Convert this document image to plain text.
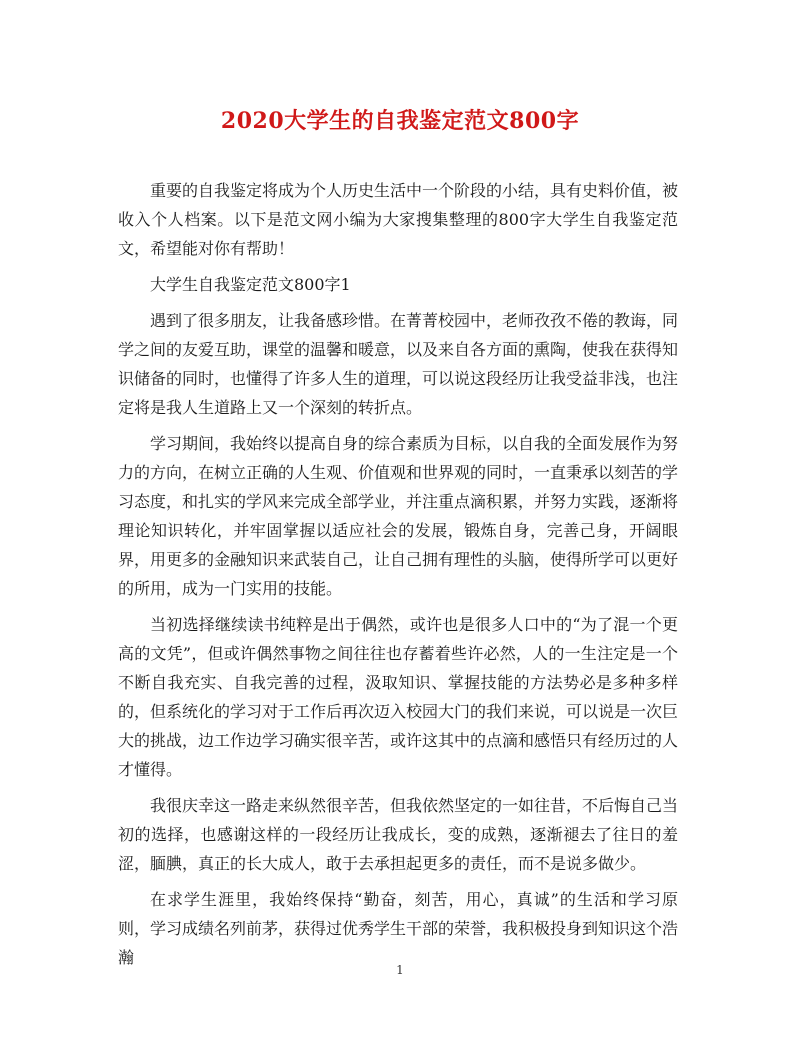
2020大学生的自我鉴定范文800字

重要的自我鉴定将成为个人历史生活中一个阶段的小结，具有史料价值，被收入个人档案。以下是范文网小编为大家搜集整理的800字大学生自我鉴定范文，希望能对你有帮助！

大学生自我鉴定范文800字1

遇到了很多朋友，让我备感珍惜。在菁菁校园中，老师孜孜不倦的教诲，同学之间的友爱互助，课堂的温馨和暖意，以及来自各方面的熏陶，使我在获得知识储备的同时，也懂得了许多人生的道理，可以说这段经历让我受益非浅，也注定将是我人生道路上又一个深刻的转折点。

学习期间，我始终以提高自身的综合素质为目标，以自我的全面发展作为努力的方向，在树立正确的人生观、价值观和世界观的同时，一直秉承以刻苦的学习态度，和扎实的学风来完成全部学业，并注重点滴积累，并努力实践，逐渐将理论知识转化，并牢固掌握以适应社会的发展，锻炼自身，完善己身，开阔眼界，用更多的金融知识来武装自己，让自己拥有理性的头脑，使得所学可以更好的所用，成为一门实用的技能。

当初选择继续读书纯粹是出于偶然，或许也是很多人口中的“为了混一个更高的文凭”，但或许偶然事物之间往往也存蓄着些许必然，人的一生注定是一个不断自我充实、自我完善的过程，汲取知识、掌握技能的方法势必是多种多样的，但系统化的学习对于工作后再次迈入校园大门的我们来说，可以说是一次巨大的挑战，边工作边学习确实很辛苦，或许这其中的点滴和感悟只有经历过的人才懂得。

我很庆幸这一路走来纵然很辛苦，但我依然坚定的一如往昔，不后悔自己当初的选择，也感谢这样的一段经历让我成长，变的成熟，逐渐褪去了往日的羞涩，腼腆，真正的长大成人，敢于去承担起更多的责任，而不是说多做少。

在求学生涯里，我始终保持“勤奋，刻苦，用心，真诚”的生活和学习原则，学习成绩名列前茅，获得过优秀学生干部的荣誉，我积极投身到知识这个浩瀚

1
